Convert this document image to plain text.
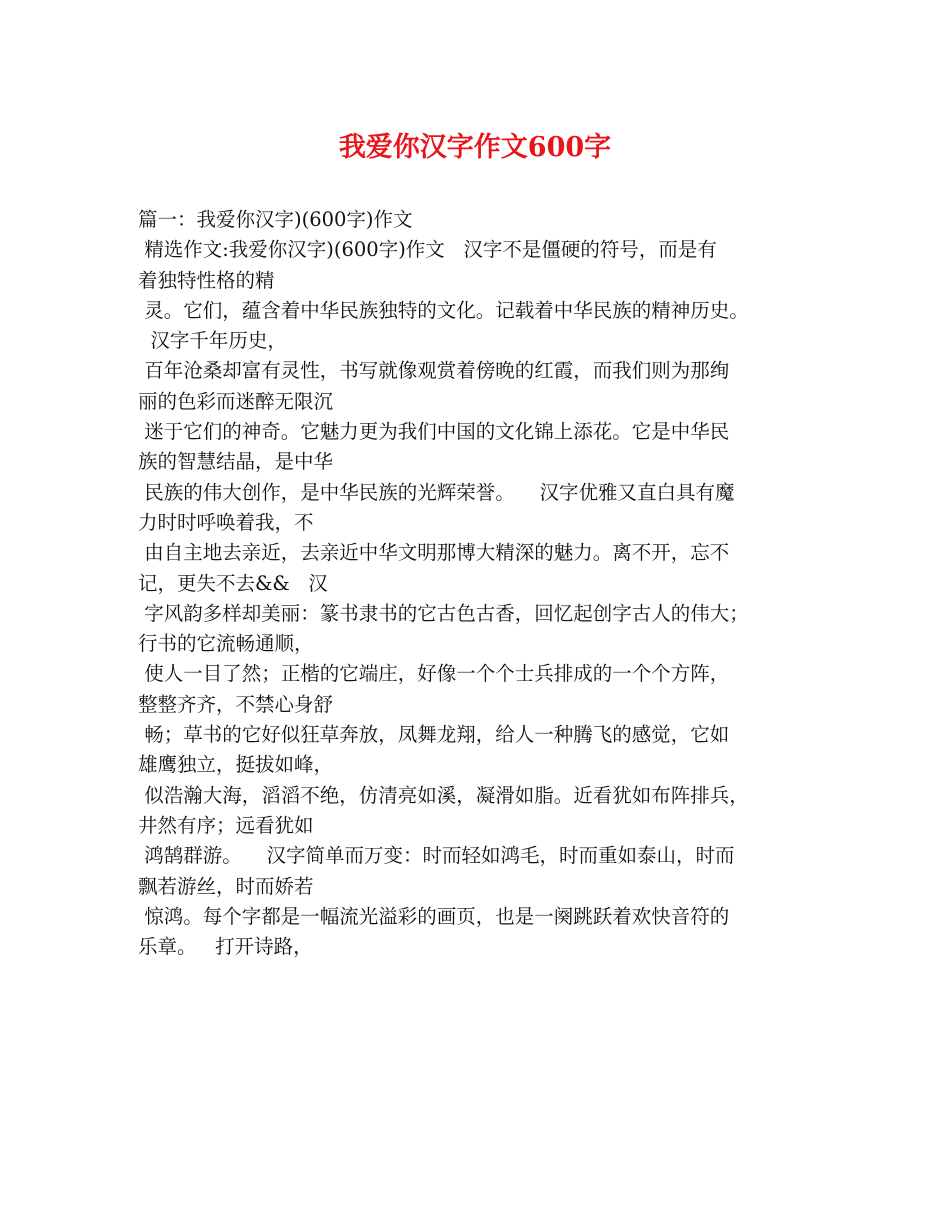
我爱你汉字作文600字
篇一：我爱你汉字)(600字)作文
精选作文:我爱你汉字)(600字)作文   汉字不是僵硬的符号，而是有
着独特性格的精
灵。它们，蕴含着中华民族独特的文化。记载着中华民族的精神历史。
汉字千年历史，
百年沧桑却富有灵性，书写就像观赏着傍晚的红霞，而我们则为那绚
丽的色彩而迷醉无限沉
迷于它们的神奇。它魅力更为我们中国的文化锦上添花。它是中华民
族的智慧结晶，是中华
民族的伟大创作，是中华民族的光辉荣誉。    汉字优雅又直白具有魔
力时时呼唤着我，不
由自主地去亲近，去亲近中华文明那博大精深的魅力。离不开，忘不
记，更失不去&&   汉
字风韵多样却美丽：篆书隶书的它古色古香，回忆起创字古人的伟大；
行书的它流畅通顺，
使人一目了然；正楷的它端庄，好像一个个士兵排成的一个个方阵，
整整齐齐，不禁心身舒
畅；草书的它好似狂草奔放，凤舞龙翔，给人一种腾飞的感觉，它如
雄鹰独立，挺拔如峰，
似浩瀚大海，滔滔不绝，仿清亮如溪，凝滑如脂。近看犹如布阵排兵，
井然有序；远看犹如
鸿鹄群游。    汉字简单而万变：时而轻如鸿毛，时而重如泰山，时而
飘若游丝，时而娇若
惊鸿。每个字都是一幅流光溢彩的画页，也是一阕跳跃着欢快音符的
乐章。   打开诗路，
